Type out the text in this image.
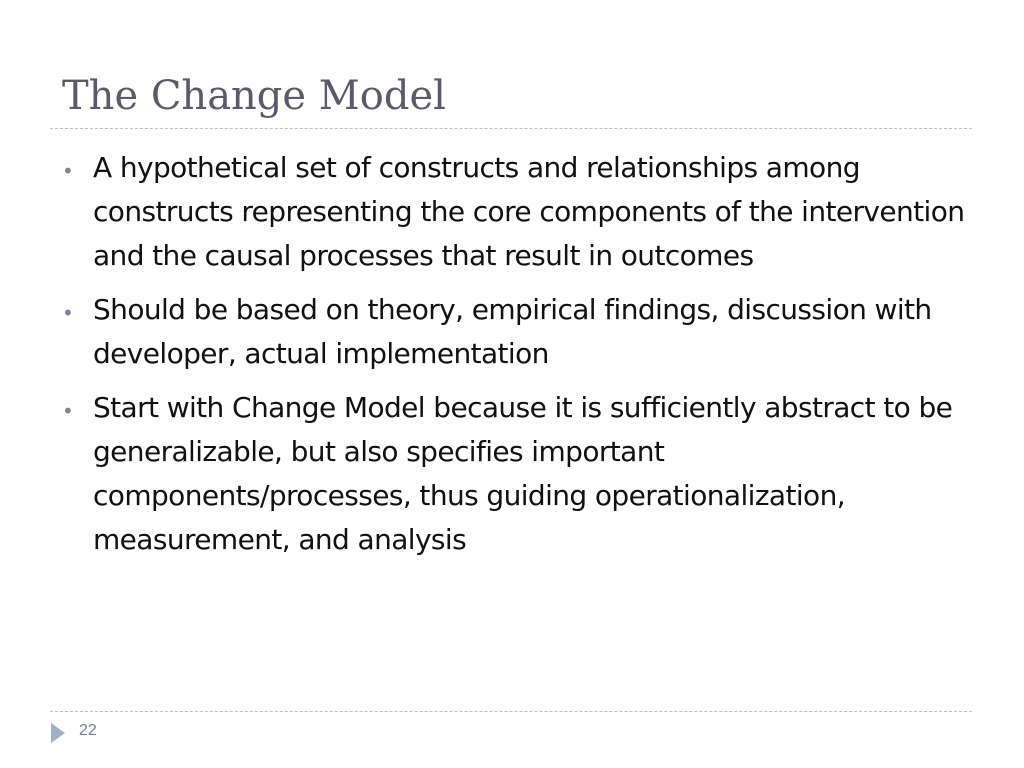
The Change Model
• A hypothetical set of constructs and relationships among constructs representing the core components of the intervention and the causal processes that result in outcomes
• Should be based on theory, empirical findings, discussion with developer, actual implementation
• Start with Change Model because it is sufficiently abstract to be generalizable, but also specifies important components/processes, thus guiding operationalization, measurement, and analysis
22
